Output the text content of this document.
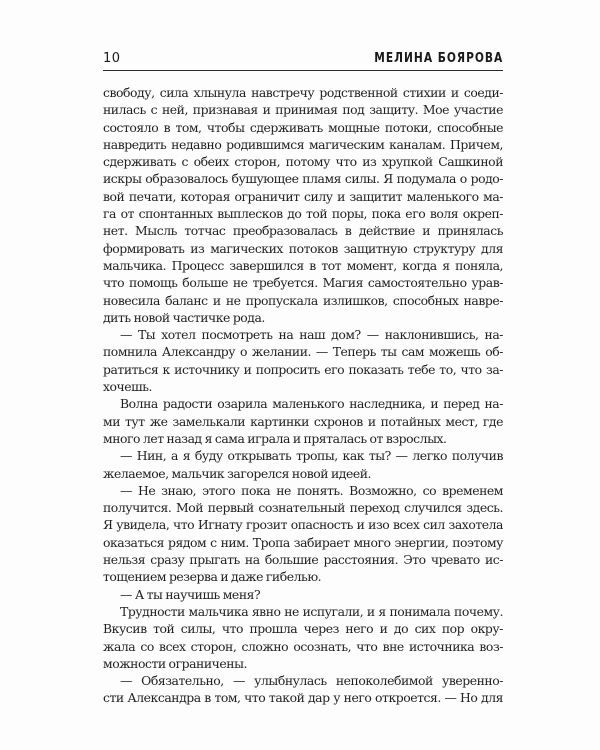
10	МЕЛИНА БОЯРОВА
свободу, сила хлынула навстречу родственной стихии и соеди-
нилась с ней, признавая и принимая под защиту. Мое участие
состояло в том, чтобы сдерживать мощные потоки, способные
навредить недавно родившимся магическим каналам. Причем,
сдерживать с обеих сторон, потому что из хрупкой Сашкиной
искры образовалось бушующее пламя силы. Я подумала о родо-
вой печати, которая ограничит силу и защитит маленького ма-
га от спонтанных выплесков до той поры, пока его воля окреп-
нет. Мысль тотчас преобразовалась в действие и принялась
формировать из магических потоков защитную структуру для
мальчика. Процесс завершился в тот момент, когда я поняла,
что помощь больше не требуется. Магия самостоятельно урав-
новесила баланс и не пропускала излишков, способных навре-
дить новой частичке рода.
— Ты хотел посмотреть на наш дом? — наклонившись, на-
помнила Александру о желании. — Теперь ты сам можешь об-
ратиться к источнику и попросить его показать тебе то, что за-
хочешь.
Волна радости озарила маленького наследника, и перед на-
ми тут же замелькали картинки схронов и потайных мест, где
много лет назад я сама играла и пряталась от взрослых.
— Нин, а я буду открывать тропы, как ты? — легко получив
желаемое, мальчик загорелся новой идеей.
— Не знаю, этого пока не понять. Возможно, со временем
получится. Мой первый сознательный переход случился здесь.
Я увидела, что Игнату грозит опасность и изо всех сил захотела
оказаться рядом с ним. Тропа забирает много энергии, поэтому
нельзя сразу прыгать на большие расстояния. Это чревато ис-
тощением резерва и даже гибелью.
— А ты научишь меня?
Трудности мальчика явно не испугали, и я понимала почему.
Вкусив той силы, что прошла через него и до сих пор окру-
жала со всех сторон, сложно осознать, что вне источника воз-
можности ограничены.
— Обязательно, — улыбнулась непоколебимой уверенно-
сти Александра в том, что такой дар у него откроется. — Но для
